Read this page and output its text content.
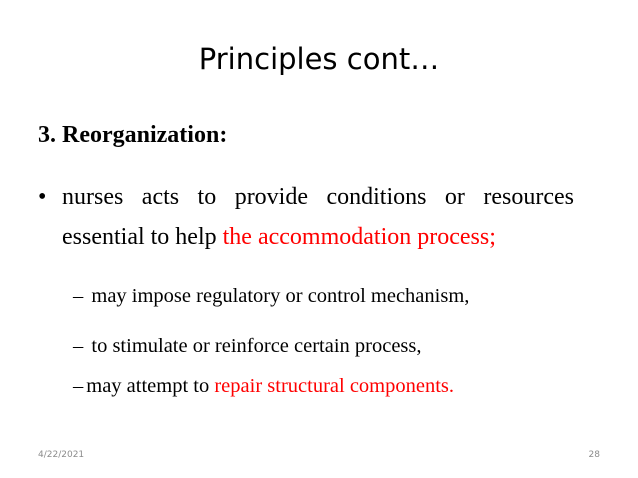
Principles cont…
3. Reorganization:
• nurses acts to provide conditions or resources
essential to help the accommodation process;
– may impose regulatory or control mechanism,
– to stimulate or reinforce certain process,
– may attempt to repair structural components.
4/22/2021	28
